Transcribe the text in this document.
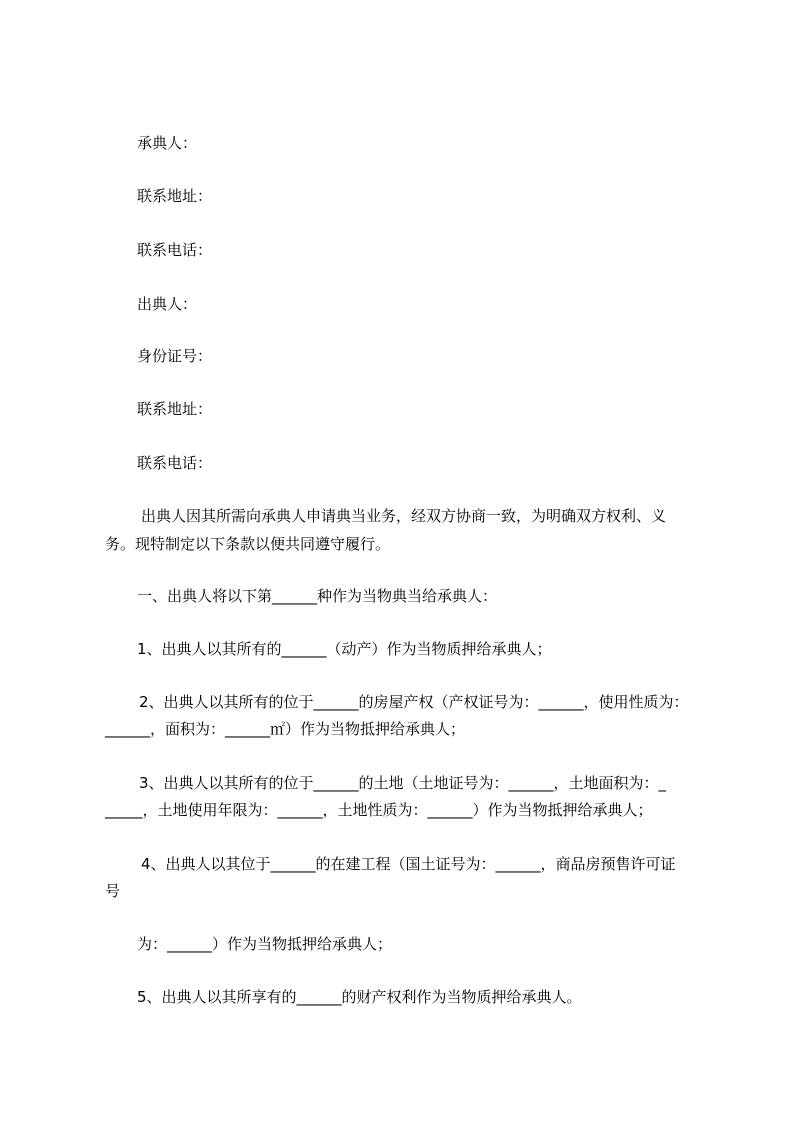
承典人：
联系地址：
联系电话：
出典人：
身份证号：
联系地址：
联系电话：
出典人因其所需向承典人申请典当业务，经双方协商一致，为明确双方权利、义
务。现特制定以下条款以便共同遵守履行。
一、出典人将以下第______种作为当物典当给承典人：
1、出典人以其所有的______（动产）作为当物质押给承典人；
2、出典人以其所有的位于______的房屋产权（产权证号为：______，使用性质为：
______，面积为：______㎡）作为当物抵押给承典人；
3、出典人以其所有的位于______的土地（土地证号为：______，土地面积为：_
_____，土地使用年限为：______，土地性质为：______）作为当物抵押给承典人；
4、出典人以其位于______的在建工程（国土证号为：______，商品房预售许可证
号
为：______）作为当物抵押给承典人；
5、出典人以其所享有的______的财产权利作为当物质押给承典人。
